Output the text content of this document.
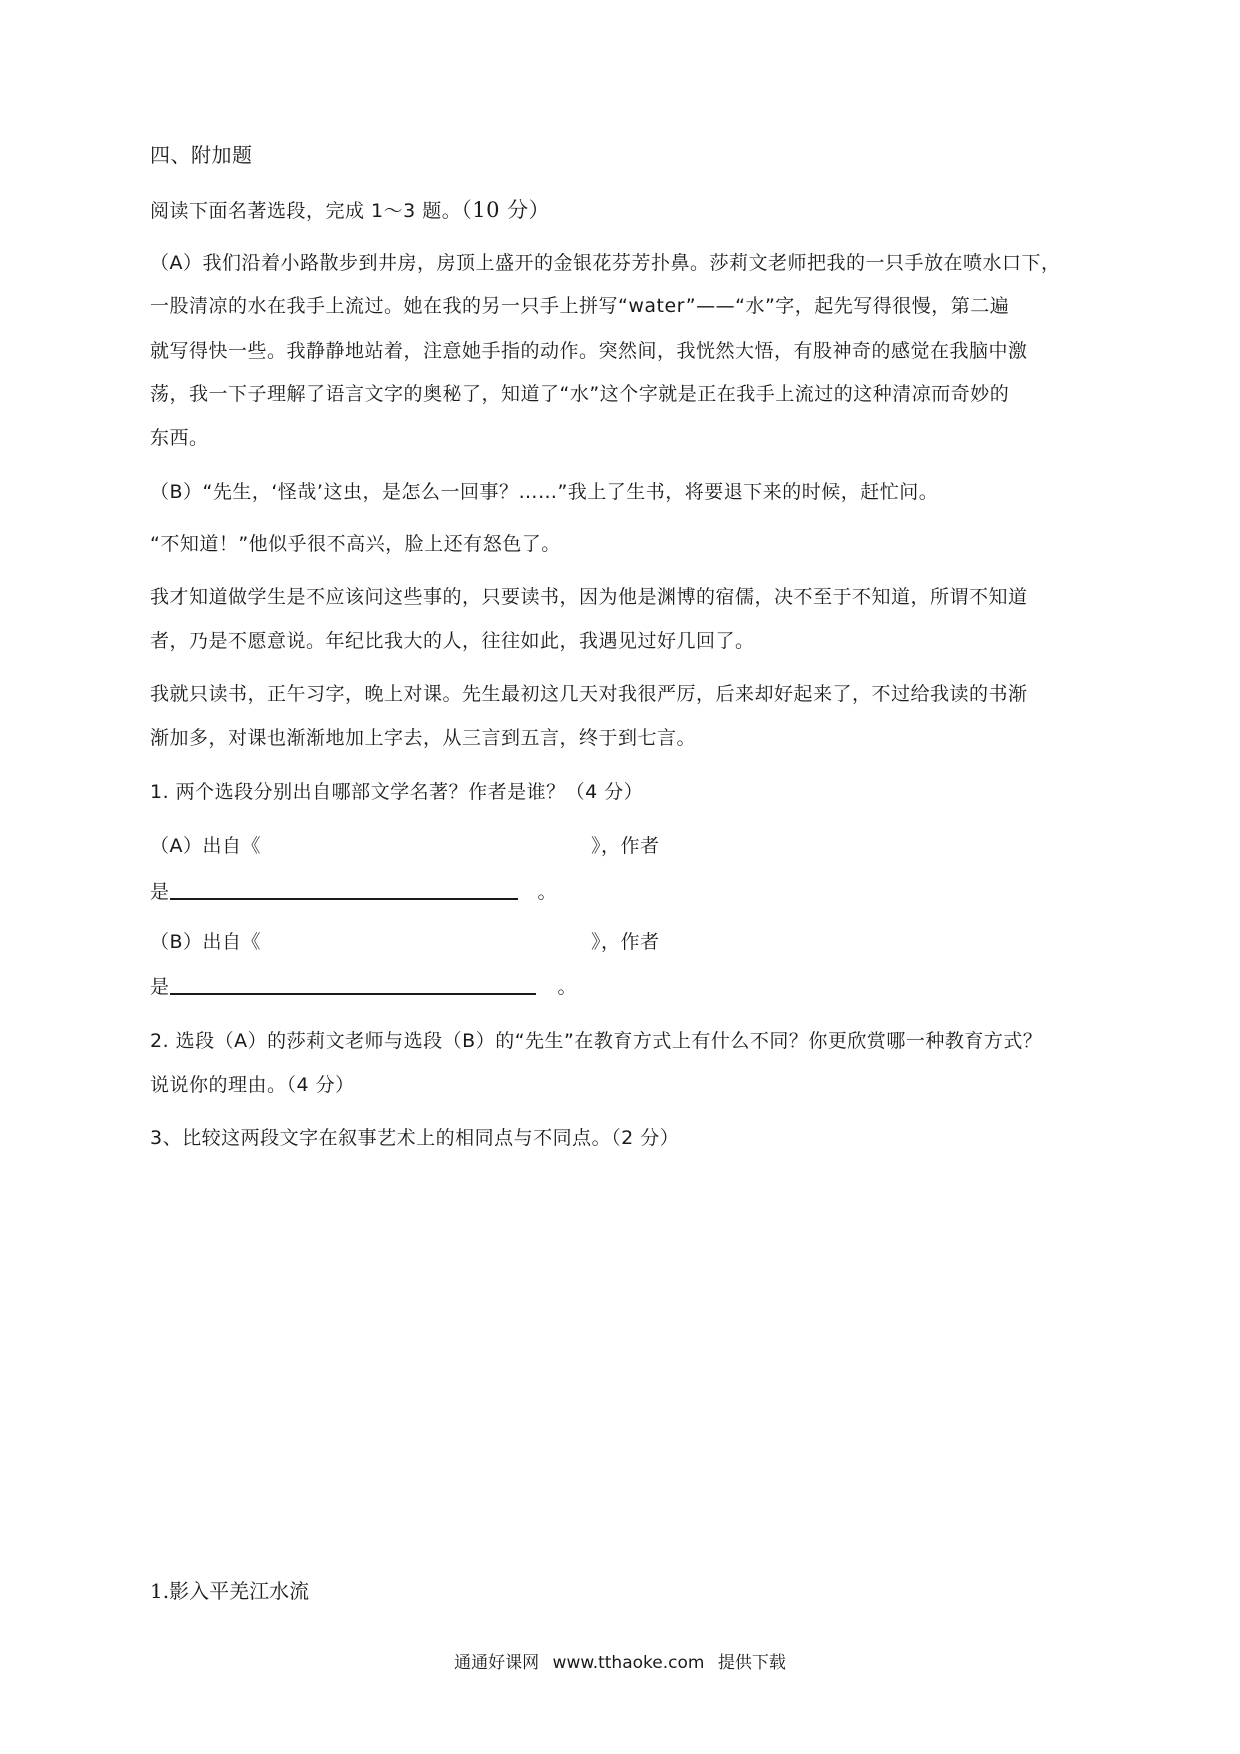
四、附加题
阅读下面名著选段，完成 1～3 题。（10 分）
（A）我们沿着小路散步到井房，房顶上盛开的金银花芬芳扑鼻。莎莉文老师把我的一只手放在喷水口下，
一股清凉的水在我手上流过。她在我的另一只手上拼写“water”——“水”字，起先写得很慢，第二遍
就写得快一些。我静静地站着，注意她手指的动作。突然间，我恍然大悟，有股神奇的感觉在我脑中激
荡，我一下子理解了语言文字的奥秘了，知道了“水”这个字就是正在我手上流过的这种清凉而奇妙的
东西。
（B）“先生，‘怪哉’这虫，是怎么一回事？……”我上了生书，将要退下来的时候，赶忙问。
“不知道！”他似乎很不高兴，脸上还有怒色了。
我才知道做学生是不应该问这些事的，只要读书，因为他是渊博的宿儒，决不至于不知道，所谓不知道
者，乃是不愿意说。年纪比我大的人，往往如此，我遇见过好几回了。
我就只读书，正午习字，晚上对课。先生最初这几天对我很严厉，后来却好起来了，不过给我读的书渐
渐加多，对课也渐渐地加上字去，从三言到五言，终于到七言。
1. 两个选段分别出自哪部文学名著？作者是谁？（4 分）
（A）出自《	》，作者
是	。
（B）出自《	》，作者
是	。
2. 选段（A）的莎莉文老师与选段（B）的“先生”在教育方式上有什么不同？你更欣赏哪一种教育方式？
说说你的理由。（4 分）
3、比较这两段文字在叙事艺术上的相同点与不同点。（2 分）
1.影入平羌江水流
通通好课网 www.tthaoke.com 提供下载
